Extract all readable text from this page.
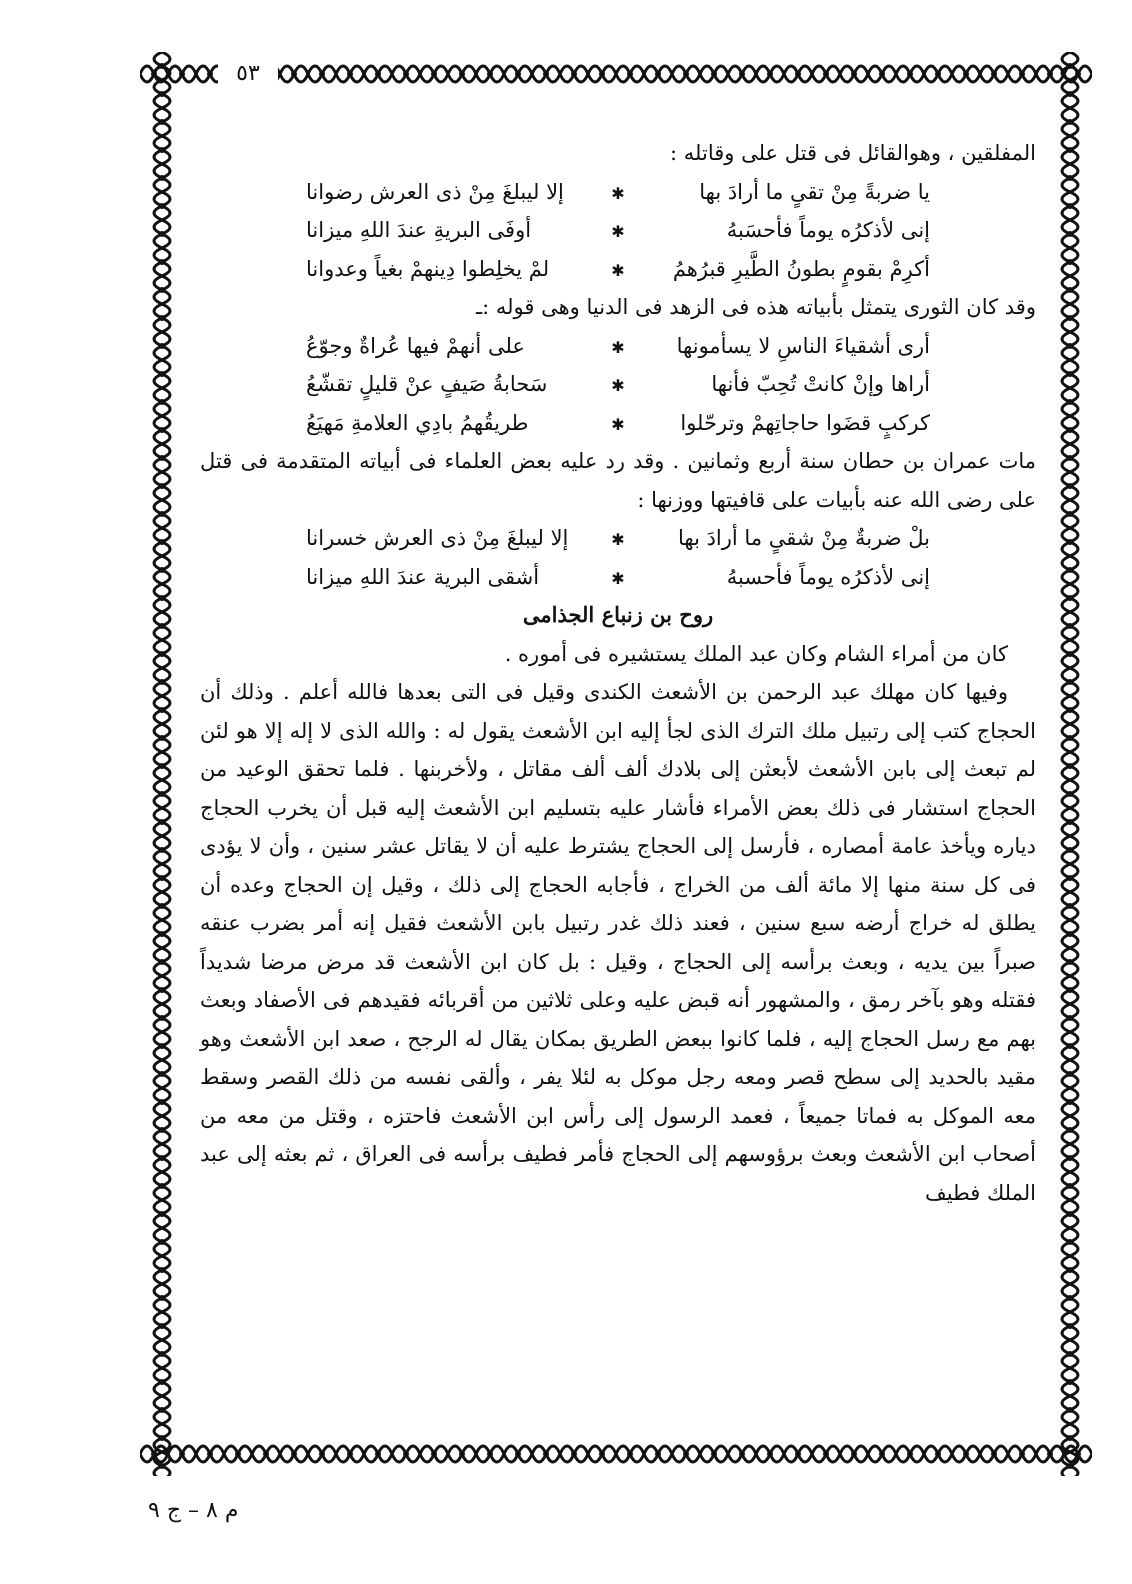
٥٣

المفلقين ، وهوالقائل فى قتل على وقاتله :

يا ضربةً مِنْ تقىٍ ما أرادَ بها
✱
إلا ليبلغَ مِنْ ذى العرش رضوانا
إنى لأذكرُه يوماً فأحسَبهُ
✱
أوفَى البريةِ عندَ اللهِ ميزانا
أكرِمْ بقومٍ بطونُ الطَّيرِ قبرُهمُ
✱
لمْ يخلِطوا دِينهمْ بغياً وعدوانا

وقد كان الثورى يتمثل بأبياته هذه فى الزهد فى الدنيا وهى قوله :ـ

أرى أشقياءَ الناسِ لا يسأمونها
✱
على أنهمْ فيها عُراةٌ وجوّعُ
أراها وإنْ كانتْ تُحِبّ فأنها
✱
سَحابةُ صَيفٍ عنْ قليلٍ تقشّعُ
كركبٍ قضَوا حاجاتِهمْ وترحّلوا
✱
طريقُهمُ بادِي العلامةِ مَهيَعُ

مات عمران بن حطان سنة أربع وثمانين . وقد رد عليه بعض العلماء فى أبياته المتقدمة فى قتل على رضى الله عنه بأبيات على قافيتها ووزنها :

بلْ ضربةٌ مِنْ شقىٍ ما أرادَ بها
✱
إلا ليبلغَ مِنْ ذى العرش خسرانا
إنى لأذكرُه يوماً فأحسبهُ
✱
أشقى البرية عندَ اللهِ ميزانا

روح بن زنباع الجذامى

كان من أمراء الشام وكان عبد الملك يستشيره فى أموره .

وفيها كان مهلك عبد الرحمن بن الأشعث الكندى وقيل فى التى بعدها فالله أعلم . وذلك أن الحجاج كتب إلى رتبيل ملك الترك الذى لجأ إليه ابن الأشعث يقول له : والله الذى لا إله إلا هو لئن لم تبعث إلى بابن الأشعث لأبعثن إلى بلادك ألف ألف مقاتل ، ولأخربنها . فلما تحقق الوعيد من الحجاج استشار فى ذلك بعض الأمراء فأشار عليه بتسليم ابن الأشعث إليه قبل أن يخرب الحجاج دياره ويأخذ عامة أمصاره ، فأرسل إلى الحجاج يشترط عليه أن لا يقاتل عشر سنين ، وأن لا يؤدى فى كل سنة منها إلا مائة ألف من الخراج ، فأجابه الحجاج إلى ذلك ، وقيل إن الحجاج وعده أن يطلق له خراج أرضه سبع سنين ، فعند ذلك غدر رتبيل بابن الأشعث فقيل إنه أمر بضرب عنقه صبراً بين يديه ، وبعث برأسه إلى الحجاج ، وقيل : بل كان ابن الأشعث قد مرض مرضا شديداً فقتله وهو بآخر رمق ، والمشهور أنه قبض عليه وعلى ثلاثين من أقربائه فقيدهم فى الأصفاد وبعث بهم مع رسل الحجاج إليه ، فلما كانوا ببعض الطريق بمكان يقال له الرجح ، صعد ابن الأشعث وهو مقيد بالحديد إلى سطح قصر ومعه رجل موكل به لئلا يفر ، وألقى نفسه من ذلك القصر وسقط معه الموكل به فماتا جميعاً ، فعمد الرسول إلى رأس ابن الأشعث فاحتزه ، وقتل من معه من أصحاب ابن الأشعث وبعث برؤوسهم إلى الحجاج فأمر فطيف برأسه فى العراق ، ثم بعثه إلى عبد الملك فطيف

م ٨ – ج ٩
